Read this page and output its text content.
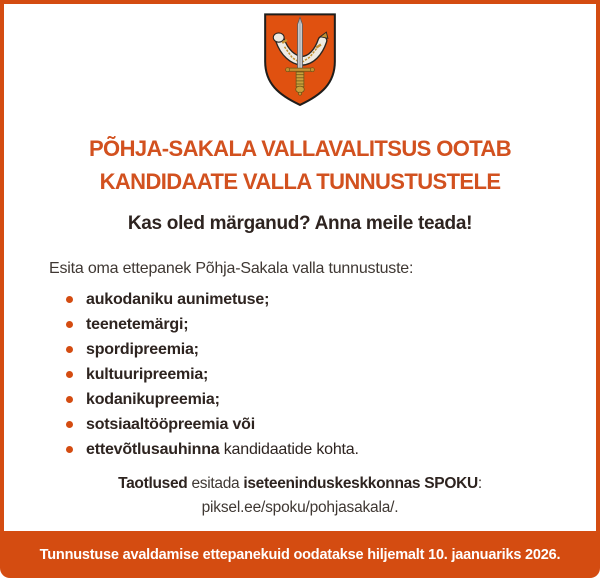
PÕHJA-SAKALA VALLAVALITSUS OOTAB
KANDIDAATE VALLA TUNNUSTUSTELE
Kas oled märganud? Anna meile teada!
Esita oma ettepanek Põhja-Sakala valla tunnustuste:
aukodaniku aunimetuse;
teenetemärgi;
spordipreemia;
kultuuripreemia;
kodanikupreemia;
sotsiaaltööpreemia või
ettevõtlusauhinna kandidaatide kohta.
Taotlused esitada iseteeninduskeskkonnas SPOKU:
piksel.ee/spoku/pohjasakala/.
Tunnustuse avaldamise ettepanekuid oodatakse hiljemalt 10. jaanuariks 2026.
